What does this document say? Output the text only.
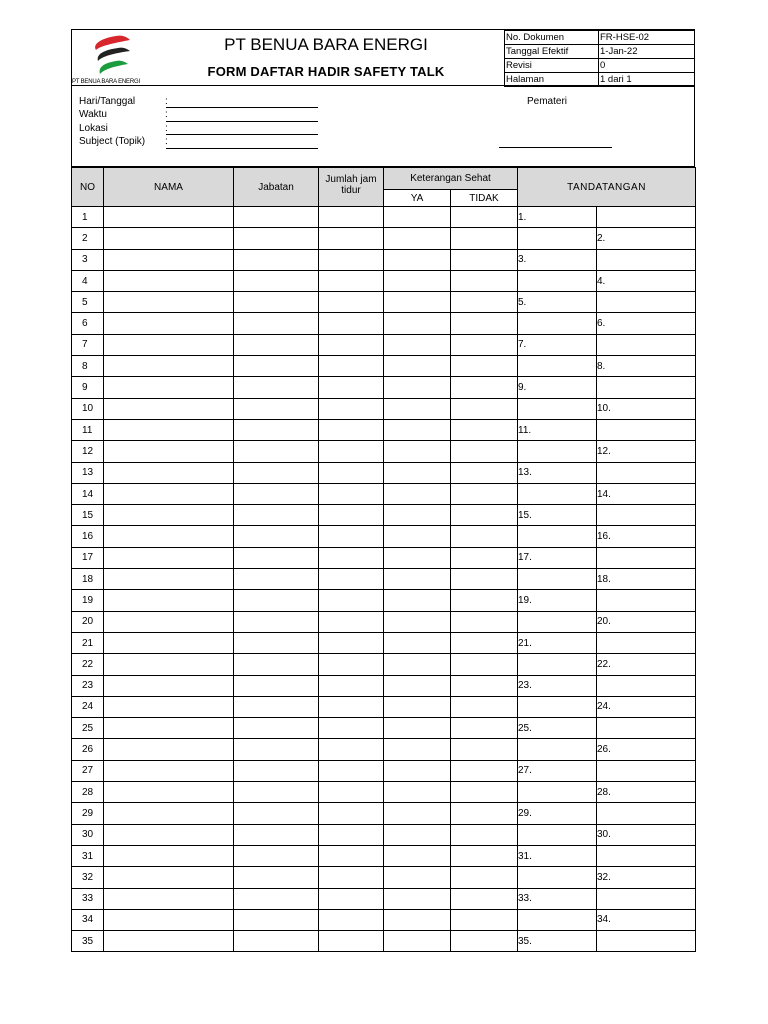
PT BENUA BARA ENERGI
PT BENUA BARA ENERGI
FORM DAFTAR HADIR SAFETY TALK
No. Dokumen	FR-HSE-02
Tanggal Efektif	1-Jan-22
Revisi	0
Halaman	1 dari 1
Hari/Tanggal
Waktu
Lokasi
Subject (Topik)
:
:
:
:
Pemateri
NO	NAMA	Jabatan	Jumlah jam tidur	Keterangan Sehat		TANDATANGAN	
				YA	TIDAK		
1						1.	
2							2.
3						3.	
4							4.
5						5.	
6							6.
7						7.	
8							8.
9						9.	
10							10.
11						11.	
12							12.
13						13.	
14							14.
15						15.	
16							16.
17						17.	
18							18.
19						19.	
20							20.
21						21.	
22							22.
23						23.	
24							24.
25						25.	
26							26.
27						27.	
28							28.
29						29.	
30							30.
31						31.	
32							32.
33						33.	
34							34.
35						35.	
